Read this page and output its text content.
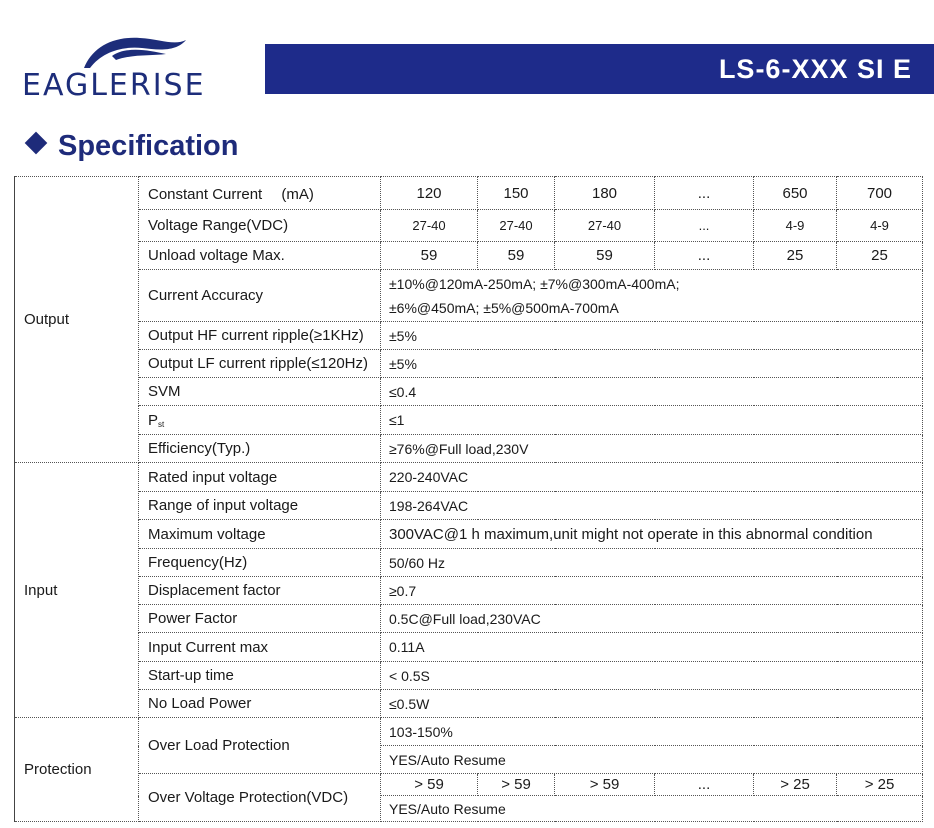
EAGLERISE	LS-6-XXX SI E
Specification
Output	Constant Current 　(mA)	120	150	180	...	650	700
	Voltage Range(VDC)	27-40	27-40	27-40	...	4-9	4-9
	Unload voltage Max.	59	59	59	...	25	25
	Current Accuracy	±10%@120mA-250mA; ±7%@300mA-400mA;
±6%@450mA; ±5%@500mA-700mA					

	Output HF current ripple(≥1KHz)	±5%					
	Output LF current ripple(≤120Hz)	±5%					
	SVM	≤0.4					
	$P_{st}$	≤1					
	Efficiency(Typ.)	≥76%@Full load,230V					

Input	Rated input voltage	220-240VAC					
	Range of input voltage	198-264VAC					
	Maximum voltage	300VAC@1 h maximum,unit might not operate in this abnormal condition					
	Frequency(Hz)	50/60 Hz					
	Displacement factor	≥0.7					
	Power Factor	0.5C@Full load,230VAC					
	Input Current max	0.11A					
	Start-up time	< 0.5S					
	No Load Power	≤0.5W					
Protection	Over Load Protection	103-150%					
		YES/Auto Resume					
	Over Voltage Protection(VDC)	> 59	> 59	> 59	...	> 25	> 25
		YES/Auto Resume					
